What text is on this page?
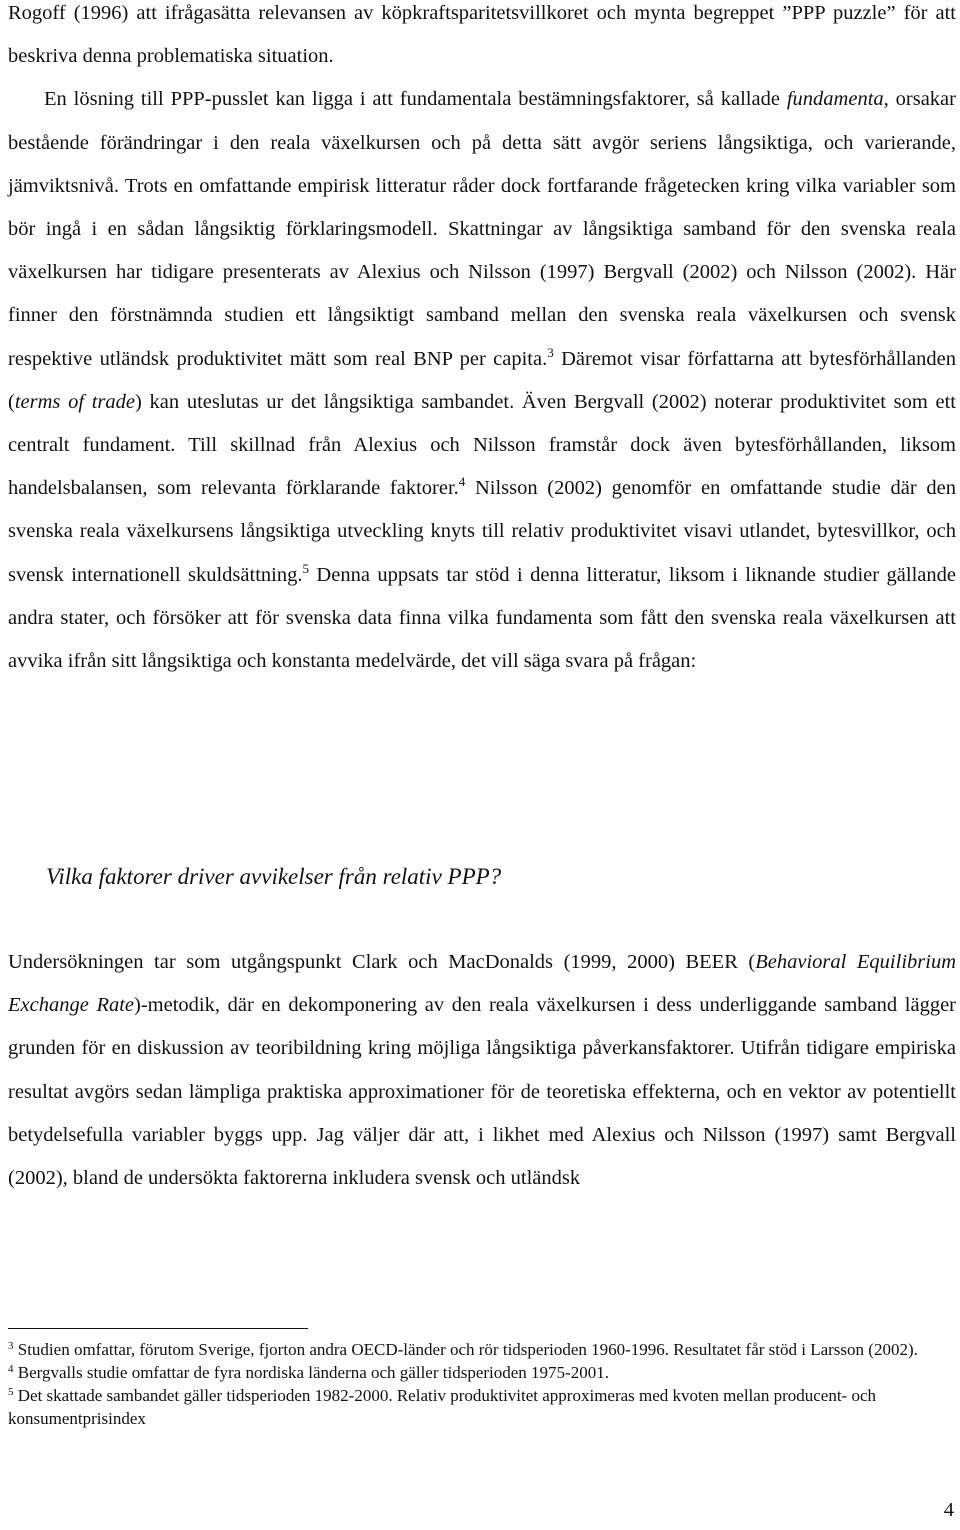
Rogoff (1996) att ifrågasätta relevansen av köpkraftsparitetsvillkoret och mynta begreppet ”PPP puzzle” för att beskriva denna problematiska situation.

En lösning till PPP-pusslet kan ligga i att fundamentala bestämningsfaktorer, så kallade fundamenta, orsakar bestående förändringar i den reala växelkursen och på detta sätt avgör seriens långsiktiga, och varierande, jämviktsnivå. Trots en omfattande empirisk litteratur råder dock fortfarande frågetecken kring vilka variabler som bör ingå i en sådan långsiktig förklaringsmodell. Skattningar av långsiktiga samband för den svenska reala växelkursen har tidigare presenterats av Alexius och Nilsson (1997) Bergvall (2002) och Nilsson (2002). Här finner den förstnämnda studien ett långsiktigt samband mellan den svenska reala växelkursen och svensk respektive utländsk produktivitet mätt som real BNP per capita.$^3$ Däremot visar författarna att bytesförhållanden (terms of trade) kan uteslutas ur det långsiktiga sambandet. Även Bergvall (2002) noterar produktivitet som ett centralt fundament. Till skillnad från Alexius och Nilsson framstår dock även bytesförhållanden, liksom handelsbalansen, som relevanta förklarande faktorer.$^4$ Nilsson (2002) genomför en omfattande studie där den svenska reala växelkursens långsiktiga utveckling knyts till relativ produktivitet visavi utlandet, bytesvillkor, och svensk internationell skuldsättning.$^5$ Denna uppsats tar stöd i denna litteratur, liksom i liknande studier gällande andra stater, och försöker att för svenska data finna vilka fundamenta som fått den svenska reala växelkursen att avvika ifrån sitt långsiktiga och konstanta medelvärde, det vill säga svara på frågan:

Vilka faktorer driver avvikelser från relativ PPP?

Undersökningen tar som utgångspunkt Clark och MacDonalds (1999, 2000) BEER (Behavioral Equilibrium Exchange Rate)-metodik, där en dekomponering av den reala växelkursen i dess underliggande samband lägger grunden för en diskussion av teoribildning kring möjliga långsiktiga påverkansfaktorer. Utifrån tidigare empiriska resultat avgörs sedan lämpliga praktiska approximationer för de teoretiska effekterna, och en vektor av potentiellt betydelsefulla variabler byggs upp. Jag väljer där att, i likhet med Alexius och Nilsson (1997) samt Bergvall (2002), bland de undersökta faktorerna inkludera svensk och utländsk

$^3$ Studien omfattar, förutom Sverige, fjorton andra OECD-länder och rör tidsperioden 1960-1996. Resultatet får stöd i Larsson (2002).

$^4$ Bergvalls studie omfattar de fyra nordiska länderna och gäller tidsperioden 1975-2001.

$^5$ Det skattade sambandet gäller tidsperioden 1982-2000. Relativ produktivitet approximeras med kvoten mellan producent- och konsumentprisindex

4
